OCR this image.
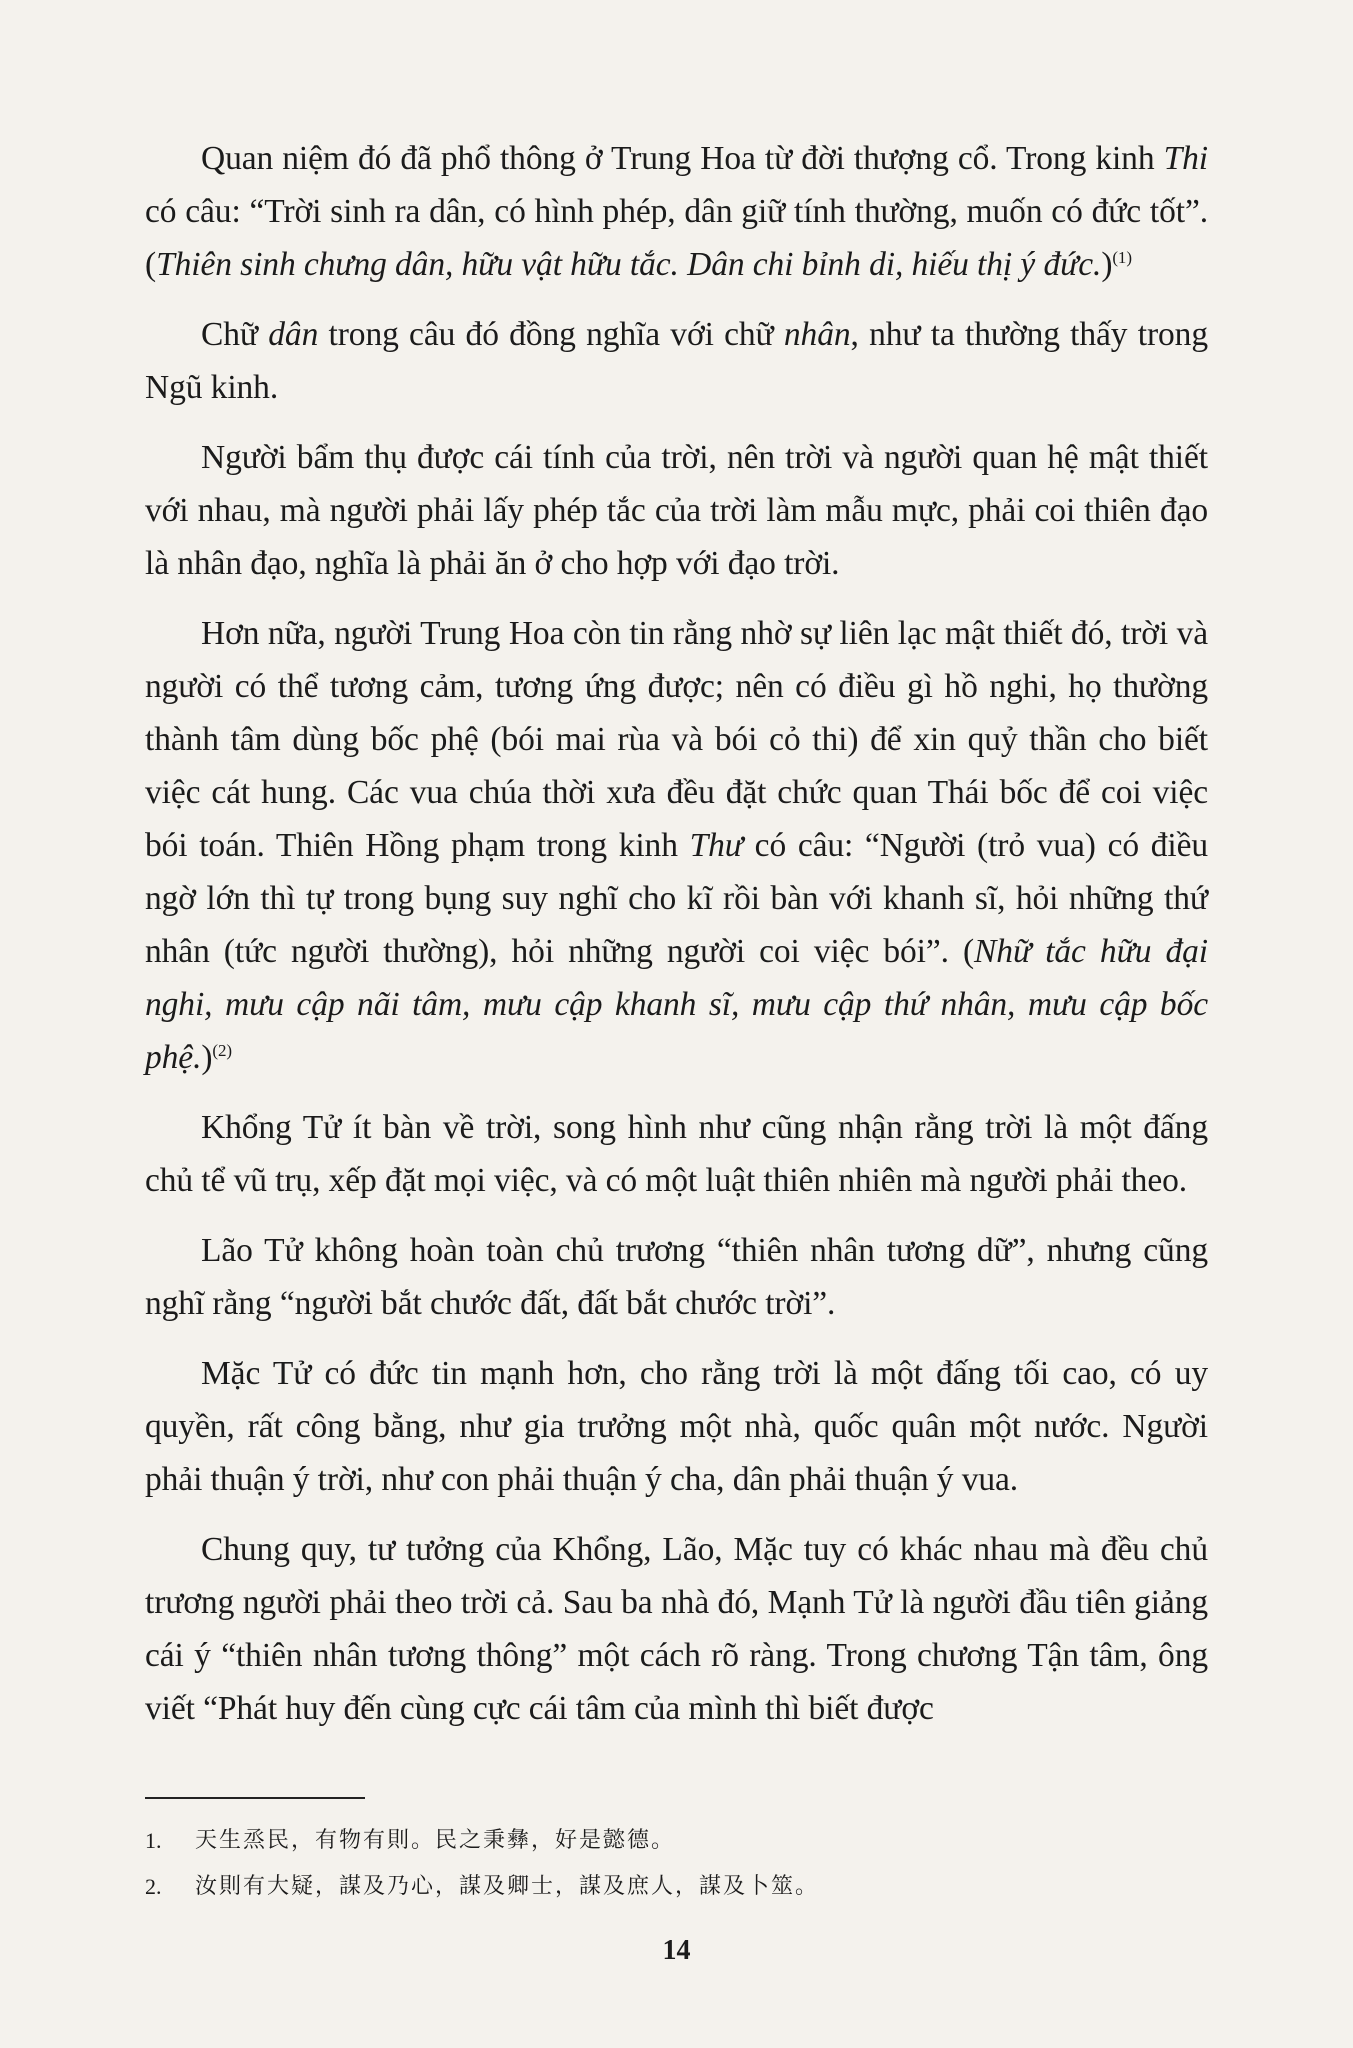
Quan niệm đó đã phổ thông ở Trung Hoa từ đời thượng cổ. Trong kinh Thi có câu: “Trời sinh ra dân, có hình phép, dân giữ tính thường, muốn có đức tốt”. (Thiên sinh chưng dân, hữu vật hữu tắc. Dân chi bỉnh di, hiếu thị ý đức.)$^{(1)}$

Chữ dân trong câu đó đồng nghĩa với chữ nhân, như ta thường thấy trong Ngũ kinh.

Người bẩm thụ được cái tính của trời, nên trời và người quan hệ mật thiết với nhau, mà người phải lấy phép tắc của trời làm mẫu mực, phải coi thiên đạo là nhân đạo, nghĩa là phải ăn ở cho hợp với đạo trời.

Hơn nữa, người Trung Hoa còn tin rằng nhờ sự liên lạc mật thiết đó, trời và người có thể tương cảm, tương ứng được; nên có điều gì hồ nghi, họ thường thành tâm dùng bốc phệ (bói mai rùa và bói cỏ thi) để xin quỷ thần cho biết việc cát hung. Các vua chúa thời xưa đều đặt chức quan Thái bốc để coi việc bói toán. Thiên Hồng phạm trong kinh Thư có câu: “Người (trỏ vua) có điều ngờ lớn thì tự trong bụng suy nghĩ cho kĩ rồi bàn với khanh sĩ, hỏi những thứ nhân (tức người thường), hỏi những người coi việc bói”. (Nhữ tắc hữu đại nghi, mưu cập nãi tâm, mưu cập khanh sĩ, mưu cập thứ nhân, mưu cập bốc phệ.)$^{(2)}$

Khổng Tử ít bàn về trời, song hình như cũng nhận rằng trời là một đấng chủ tể vũ trụ, xếp đặt mọi việc, và có một luật thiên nhiên mà người phải theo.

Lão Tử không hoàn toàn chủ trương “thiên nhân tương dữ”, nhưng cũng nghĩ rằng “người bắt chước đất, đất bắt chước trời”.

Mặc Tử có đức tin mạnh hơn, cho rằng trời là một đấng tối cao, có uy quyền, rất công bằng, như gia trưởng một nhà, quốc quân một nước. Người phải thuận ý trời, như con phải thuận ý cha, dân phải thuận ý vua.

Chung quy, tư tưởng của Khổng, Lão, Mặc tuy có khác nhau mà đều chủ trương người phải theo trời cả. Sau ba nhà đó, Mạnh Tử là người đầu tiên giảng cái ý “thiên nhân tương thông” một cách rõ ràng. Trong chương Tận tâm, ông viết “Phát huy đến cùng cực cái tâm của mình thì biết được

1.	天生烝民，有物有則。民之秉彝，好是懿德。
2.	汝則有大疑，謀及乃心，謀及卿士，謀及庶人，謀及卜筮。
14
